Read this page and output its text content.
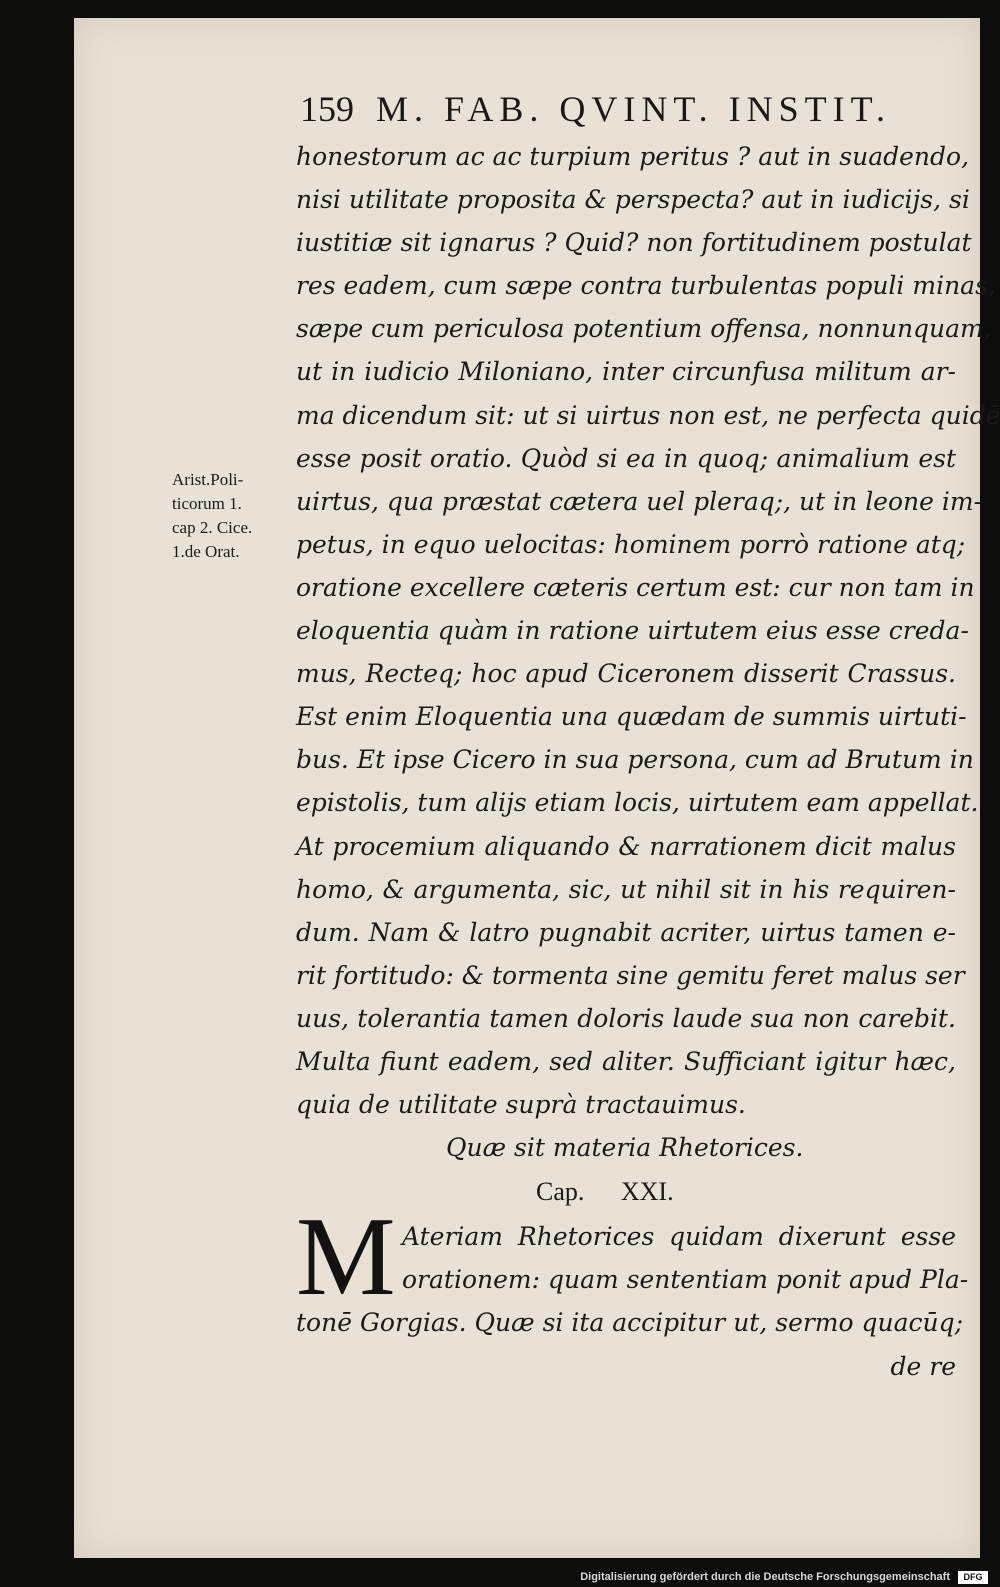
159 M. FAB. QVINT. INSTIT.
Arist.Poli-
ticorum 1.
cap 2. Cice.
1.de Orat.
honestorum ac ac turpium peritus ? aut in suadendo,
nisi utilitate proposita & perspecta? aut in iudicijs, si
iustitiæ sit ignarus ? Quid? non fortitudinem postulat
res eadem, cum sæpe contra turbulentas populi minas,
sæpe cum periculosa potentium offensa, nonnunquam,
ut in iudicio Miloniano, inter circunfusa militum ar-
ma dicendum sit: ut si uirtus non est, ne perfecta quidē
esse posit oratio. Quòd si ea in quoq; animalium est
uirtus, qua præstat cætera uel pleraq;, ut in leone im-
petus, in equo uelocitas: hominem porrò ratione atq;
oratione excellere cæteris certum est: cur non tam in
eloquentia quàm in ratione uirtutem eius esse creda-
mus, Recteq; hoc apud Ciceronem disserit Crassus.
Est enim Eloquentia una quædam de summis uirtuti-
bus. Et ipse Cicero in sua persona, cum ad Brutum in
epistolis, tum alijs etiam locis, uirtutem eam appellat.
At procemium aliquando & narrationem dicit malus
homo, & argumenta, sic, ut nihil sit in his requiren-
dum. Nam & latro pugnabit acriter, uirtus tamen e-
rit fortitudo: & tormenta sine gemitu feret malus ser
uus, tolerantia tamen doloris laude sua non carebit.
Multa fiunt eadem, sed aliter. Sufficiant igitur hæc,
quia de utilitate suprà tractauimus.
Quæ sit materia Rhetorices.
Cap. XXI.
M Ateriam Rhetorices quidam dixerunt esse
orationem: quam sententiam ponit apud Pla-
tonē Gorgias. Quæ si ita accipitur ut, sermo quacūq;
de re
Digitalisierung gefördert durch die Deutsche Forschungsgemeinschaft	DFG
